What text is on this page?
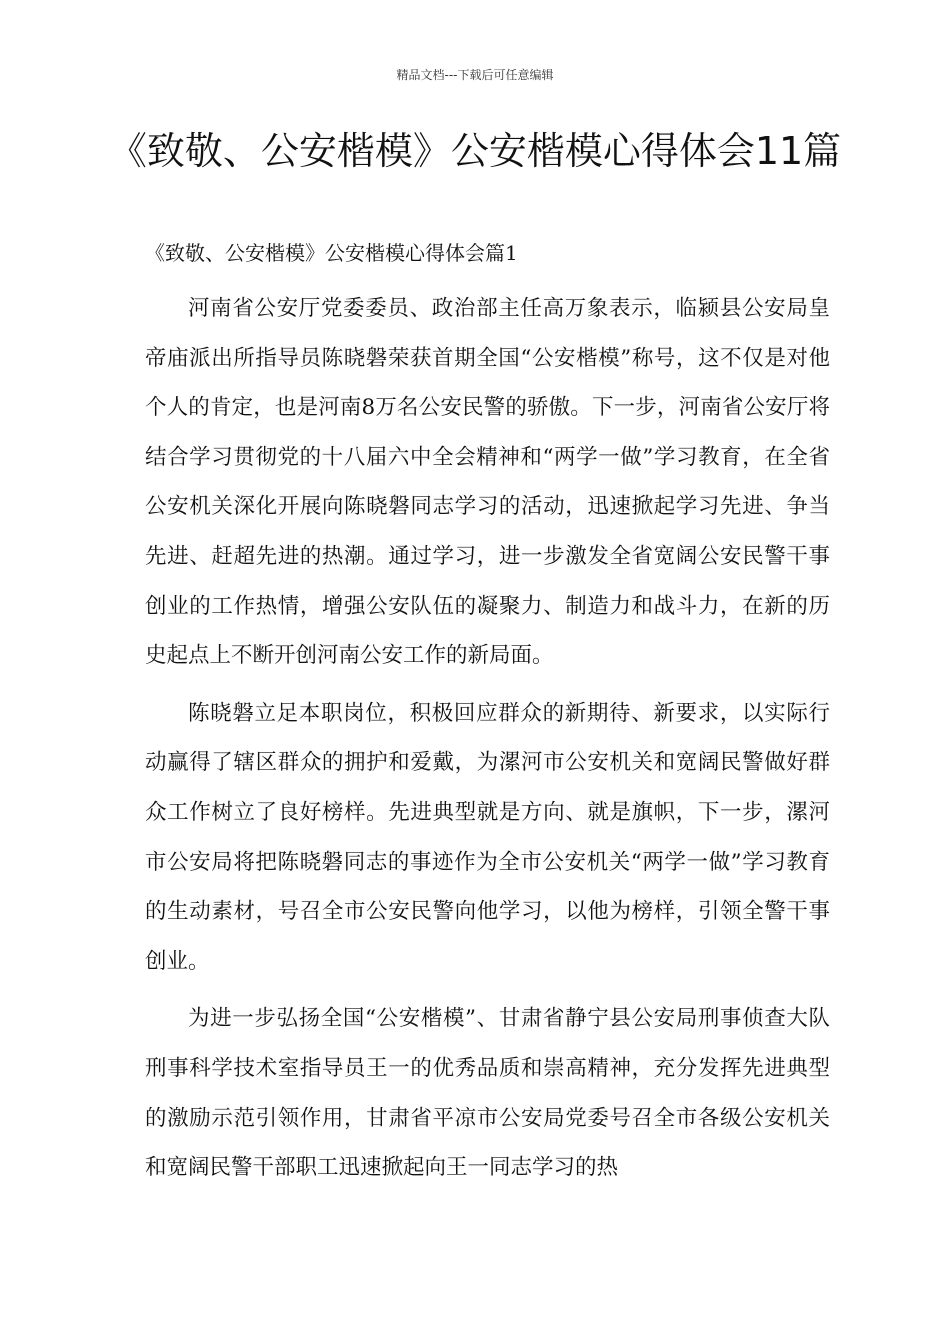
精品文档---下载后可任意编辑
《致敬、公安楷模》公安楷模心得体会11篇
《致敬、公安楷模》公安楷模心得体会篇1

河南省公安厅党委委员、政治部主任高万象表示，临颍县公安局皇帝庙派出所指导员陈晓磐荣获首期全国“公安楷模”称号，这不仅是对他个人的肯定，也是河南8万名公安民警的骄傲。下一步，河南省公安厅将结合学习贯彻党的十八届六中全会精神和“两学一做”学习教育，在全省公安机关深化开展向陈晓磐同志学习的活动，迅速掀起学习先进、争当先进、赶超先进的热潮。通过学习，进一步激发全省宽阔公安民警干事创业的工作热情，增强公安队伍的凝聚力、制造力和战斗力，在新的历史起点上不断开创河南公安工作的新局面。

陈晓磐立足本职岗位，积极回应群众的新期待、新要求，以实际行动赢得了辖区群众的拥护和爱戴，为漯河市公安机关和宽阔民警做好群众工作树立了良好榜样。先进典型就是方向、就是旗帜，下一步，漯河市公安局将把陈晓磐同志的事迹作为全市公安机关“两学一做”学习教育的生动素材，号召全市公安民警向他学习，以他为榜样，引领全警干事创业。

为进一步弘扬全国“公安楷模”、甘肃省静宁县公安局刑事侦查大队刑事科学技术室指导员王一的优秀品质和崇高精神，充分发挥先进典型的激励示范引领作用，甘肃省平凉市公安局党委号召全市各级公安机关和宽阔民警干部职工迅速掀起向王一同志学习的热
